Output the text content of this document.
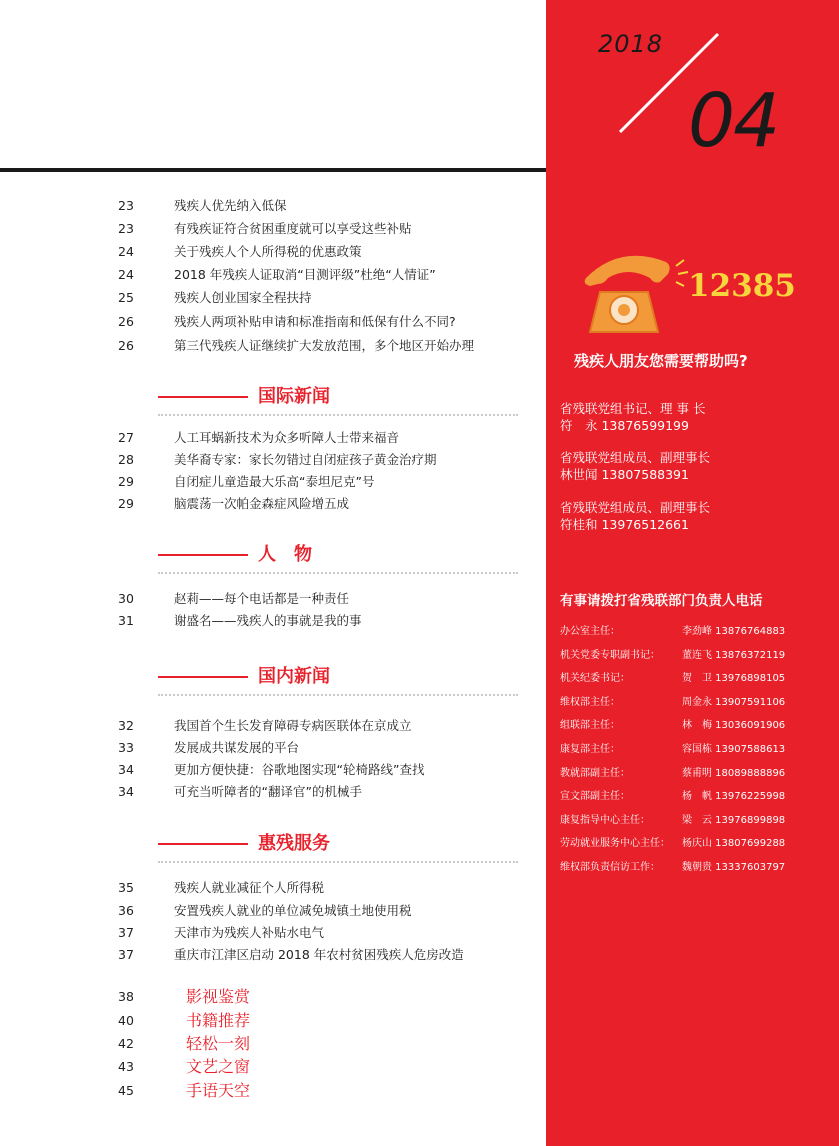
2018
04
23	残疾人优先纳入低保
23	有残疾证符合贫困重度就可以享受这些补贴
24	关于残疾人个人所得税的优惠政策
24	2018 年残疾人证取消“目测评级”杜绝“人情证”
25	残疾人创业国家全程扶持
26	残疾人两项补贴申请和标准指南和低保有什么不同?
26	第三代残疾人证继续扩大发放范围，多个地区开始办理
国际新闻
27	人工耳蜗新技术为众多听障人士带来福音
28	美华裔专家：家长勿错过自闭症孩子黄金治疗期
29	自闭症儿童造最大乐高“泰坦尼克”号
29	脑震荡一次帕金森症风险增五成
人　物
30	赵莉——每个电话都是一种责任
31	谢盛名——残疾人的事就是我的事
国内新闻
32	我国首个生长发育障碍专病医联体在京成立
33	发展成共谋发展的平台
34	更加方便快捷：谷歌地图实现“轮椅路线”查找
34	可充当听障者的“翻译官”的机械手
惠残服务
35	残疾人就业减征个人所得税
36	安置残疾人就业的单位减免城镇土地使用税
37	天津市为残疾人补贴水电气
37	重庆市江津区启动 2018 年农村贫困残疾人危房改造
38	影视鉴赏
40	书籍推荐
42	轻松一刻
43	文艺之窗
45	手语天空
12385
残疾人朋友您需要帮助吗?
省残联党组书记、理 事 长
符　永 13876599199
省残联党组成员、副理事长
林世闻 13807588391
省残联党组成员、副理事长
符桂和 13976512661
有事请拨打省残联部门负责人电话
办公室主任：	李劲峰 13876764883
机关党委专职副书记： 董连飞 13876372119
机关纪委书记：	贺　卫 13976898105
维权部主任：	周金永 13907591106
组联部主任：	林　梅 13036091906
康复部主任：	容国栋 13907588613
教就部副主任：	蔡甫明 18089888896
宣文部副主任：	杨　帆 13976225998
康复指导中心主任：	梁　云 13976899898
劳动就业服务中心主任： 杨庆山 13807699288
维权部负责信访工作： 魏朝贵 13337603797
